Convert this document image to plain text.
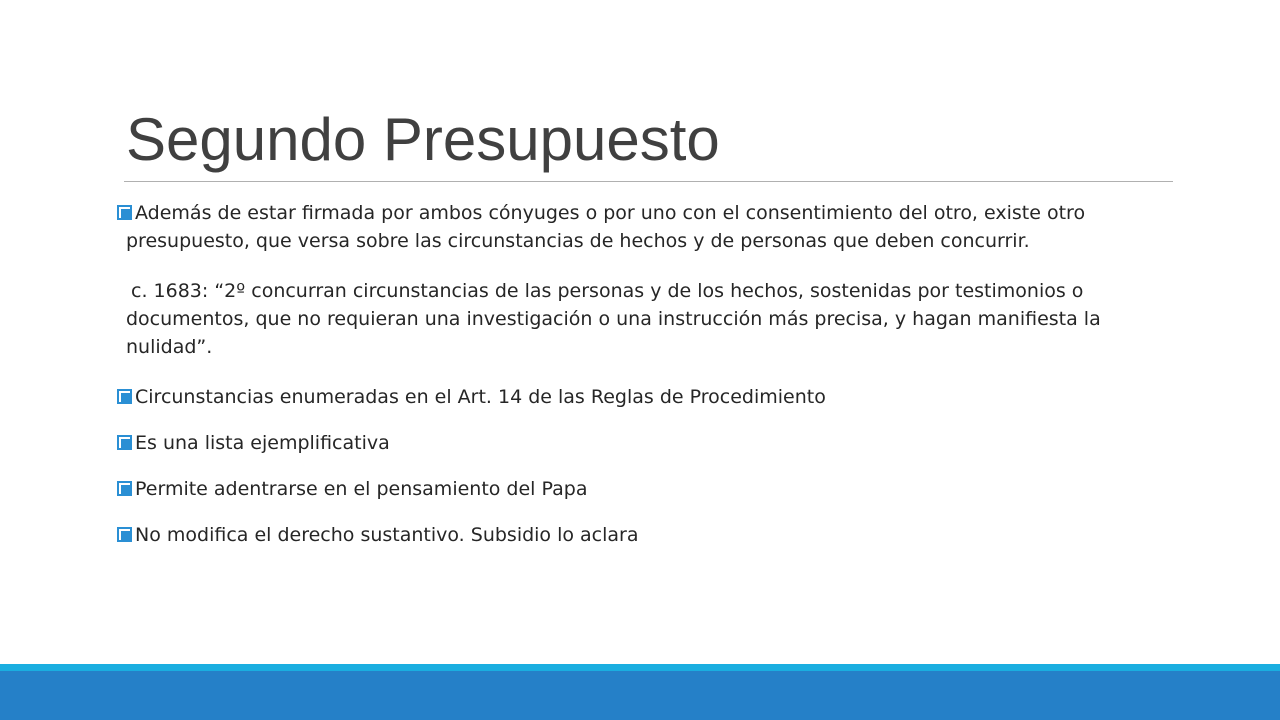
Segundo Presupuesto
Además de estar firmada por ambos cónyuges o por uno con el consentimiento del otro, existe otro presupuesto, que versa sobre las circunstancias de hechos y de personas que deben concurrir.
c. 1683: “2º concurran circunstancias de las personas y de los hechos, sostenidas por testimonios o documentos, que no requieran una investigación o una instrucción más precisa, y hagan manifiesta la nulidad”.
Circunstancias enumeradas en el Art. 14 de las Reglas de Procedimiento
Es una lista ejemplificativa
Permite adentrarse en el pensamiento del Papa
No modifica el derecho sustantivo. Subsidio lo aclara
